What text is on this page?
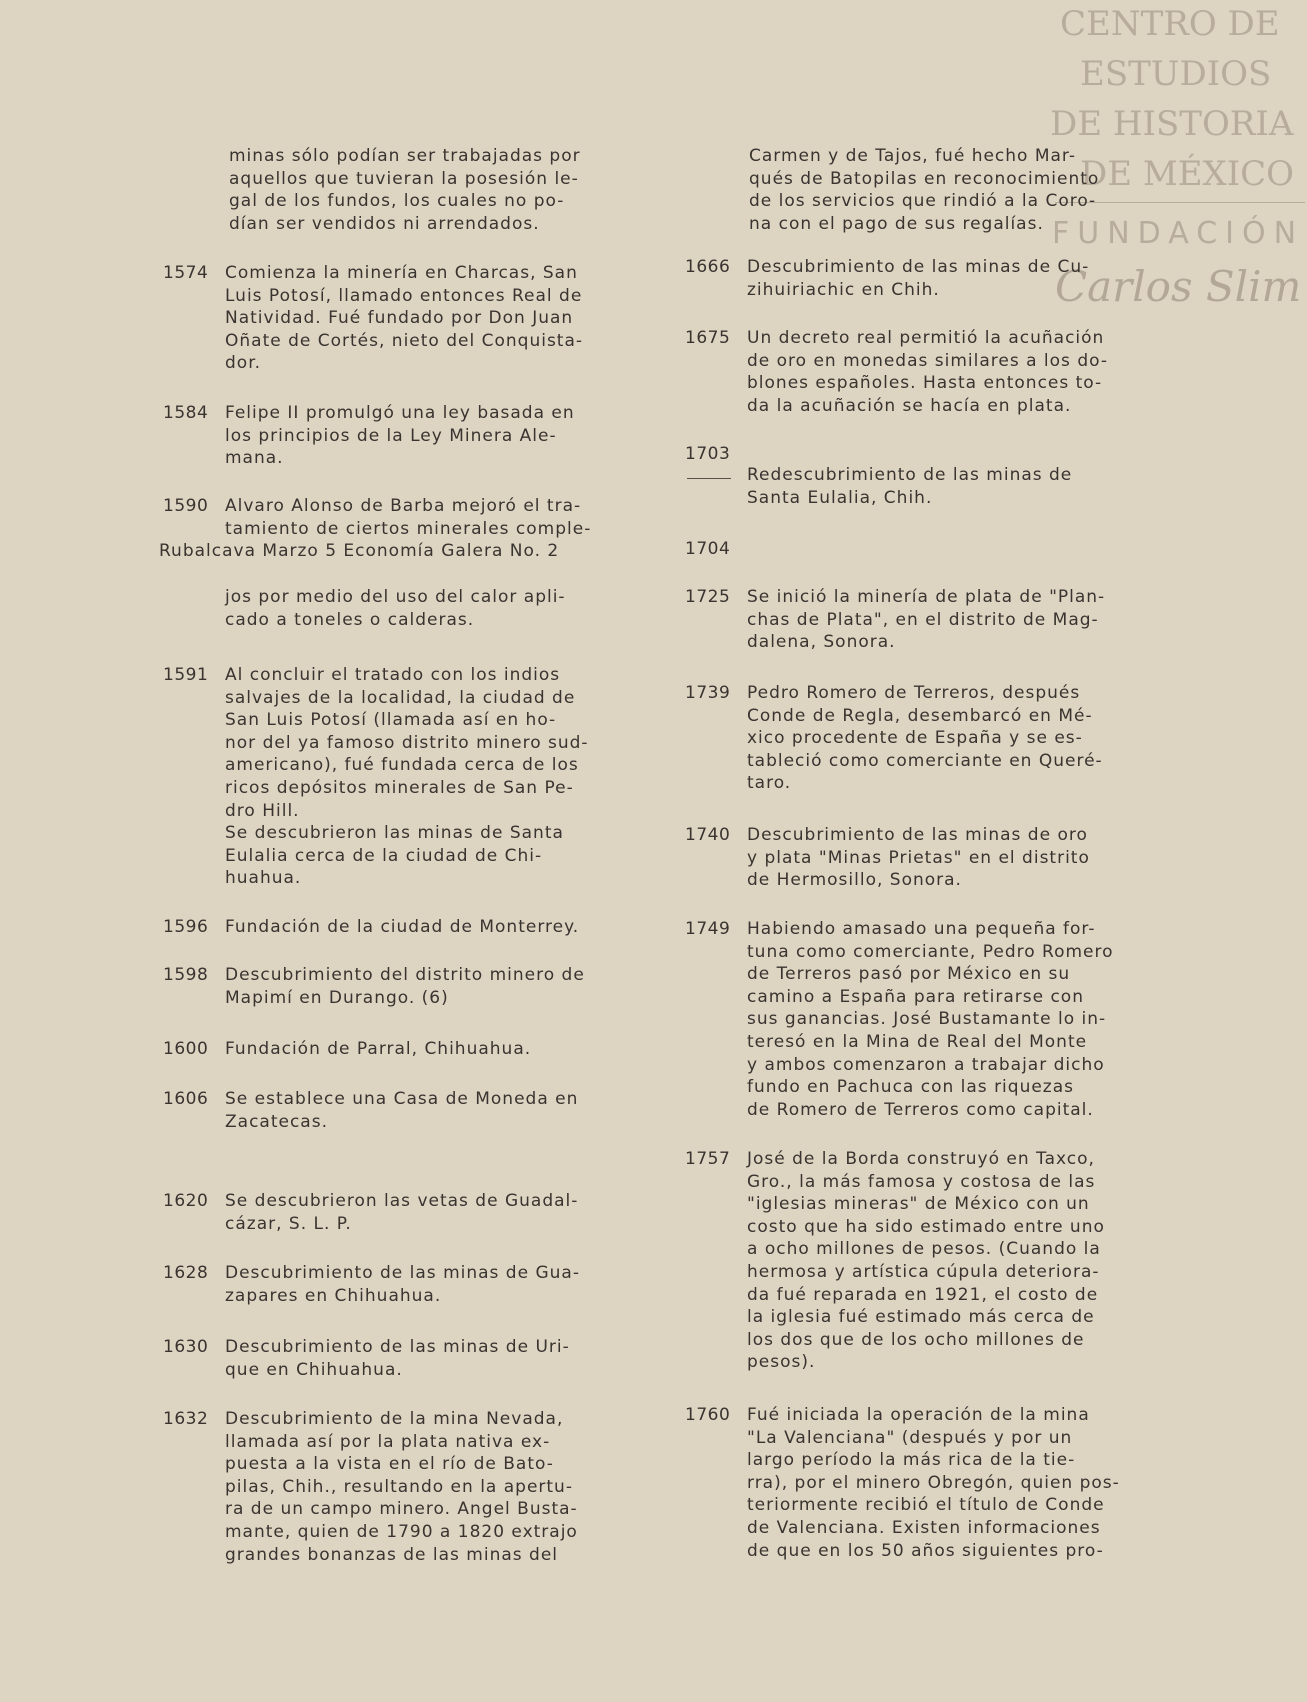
CENTRO DE
ESTUDIOS
DE HISTORIA
DE MÉXICO
FUNDACIÓN
Carlos Slim
minas sólo podían ser trabajadas por
aquellos que tuvieran la posesión le-
gal de los fundos, los cuales no po-
dían ser vendidos ni arrendados.
1574 Comienza la minería en Charcas, San
Luis Potosí, llamado entonces Real de
Natividad. Fué fundado por Don Juan
Oñate de Cortés, nieto del Conquista-
dor.
1584 Felipe II promulgó una ley basada en
los principios de la Ley Minera Ale-
mana.
1590 Alvaro Alonso de Barba mejoró el tra-
tamiento de ciertos minerales comple-
Rubalcava Marzo 5 Economía Galera No. 2
jos por medio del uso del calor apli-
cado a toneles o calderas.
1591 Al concluir el tratado con los indios
salvajes de la localidad, la ciudad de
San Luis Potosí (llamada así en ho-
nor del ya famoso distrito minero sud-
americano), fué fundada cerca de los
ricos depósitos minerales de San Pe-
dro Hill.
Se descubrieron las minas de Santa
Eulalia cerca de la ciudad de Chi-
huahua.
1596 Fundación de la ciudad de Monterrey.
1598 Descubrimiento del distrito minero de
Mapimí en Durango. (6)
1600 Fundación de Parral, Chihuahua.
1606 Se establece una Casa de Moneda en
Zacatecas.
1620 Se descubrieron las vetas de Guadal-
cázar, S. L. P.
1628 Descubrimiento de las minas de Gua-
zapares en Chihuahua.
1630 Descubrimiento de las minas de Uri-
que en Chihuahua.
1632 Descubrimiento de la mina Nevada,
llamada así por la plata nativa ex-
puesta a la vista en el río de Bato-
pilas, Chih., resultando en la apertu-
ra de un campo minero. Angel Busta-
mante, quien de 1790 a 1820 extrajo
grandes bonanzas de las minas del
Carmen y de Tajos, fué hecho Mar-
qués de Batopilas en reconocimiento
de los servicios que rindió a la Coro-
na con el pago de sus regalías.
1666 Descubrimiento de las minas de Cu-
zihuiriachic en Chih.
1675 Un decreto real permitió la acuñación
de oro en monedas similares a los do-
blones españoles. Hasta entonces to-
da la acuñación se hacía en plata.
1703
Redescubrimiento de las minas de
Santa Eulalia, Chih.
1704
1725 Se inició la minería de plata de "Plan-
chas de Plata", en el distrito de Mag-
dalena, Sonora.
1739 Pedro Romero de Terreros, después
Conde de Regla, desembarcó en Mé-
xico procedente de España y se es-
tableció como comerciante en Queré-
taro.
1740 Descubrimiento de las minas de oro
y plata "Minas Prietas" en el distrito
de Hermosillo, Sonora.
1749 Habiendo amasado una pequeña for-
tuna como comerciante, Pedro Romero
de Terreros pasó por México en su
camino a España para retirarse con
sus ganancias. José Bustamante lo in-
teresó en la Mina de Real del Monte
y ambos comenzaron a trabajar dicho
fundo en Pachuca con las riquezas
de Romero de Terreros como capital.
1757 José de la Borda construyó en Taxco,
Gro., la más famosa y costosa de las
"iglesias mineras" de México con un
costo que ha sido estimado entre uno
a ocho millones de pesos. (Cuando la
hermosa y artística cúpula deteriora-
da fué reparada en 1921, el costo de
la iglesia fué estimado más cerca de
los dos que de los ocho millones de
pesos).
1760 Fué iniciada la operación de la mina
"La Valenciana" (después y por un
largo período la más rica de la tie-
rra), por el minero Obregón, quien pos-
teriormente recibió el título de Conde
de Valenciana. Existen informaciones
de que en los 50 años siguientes pro-
